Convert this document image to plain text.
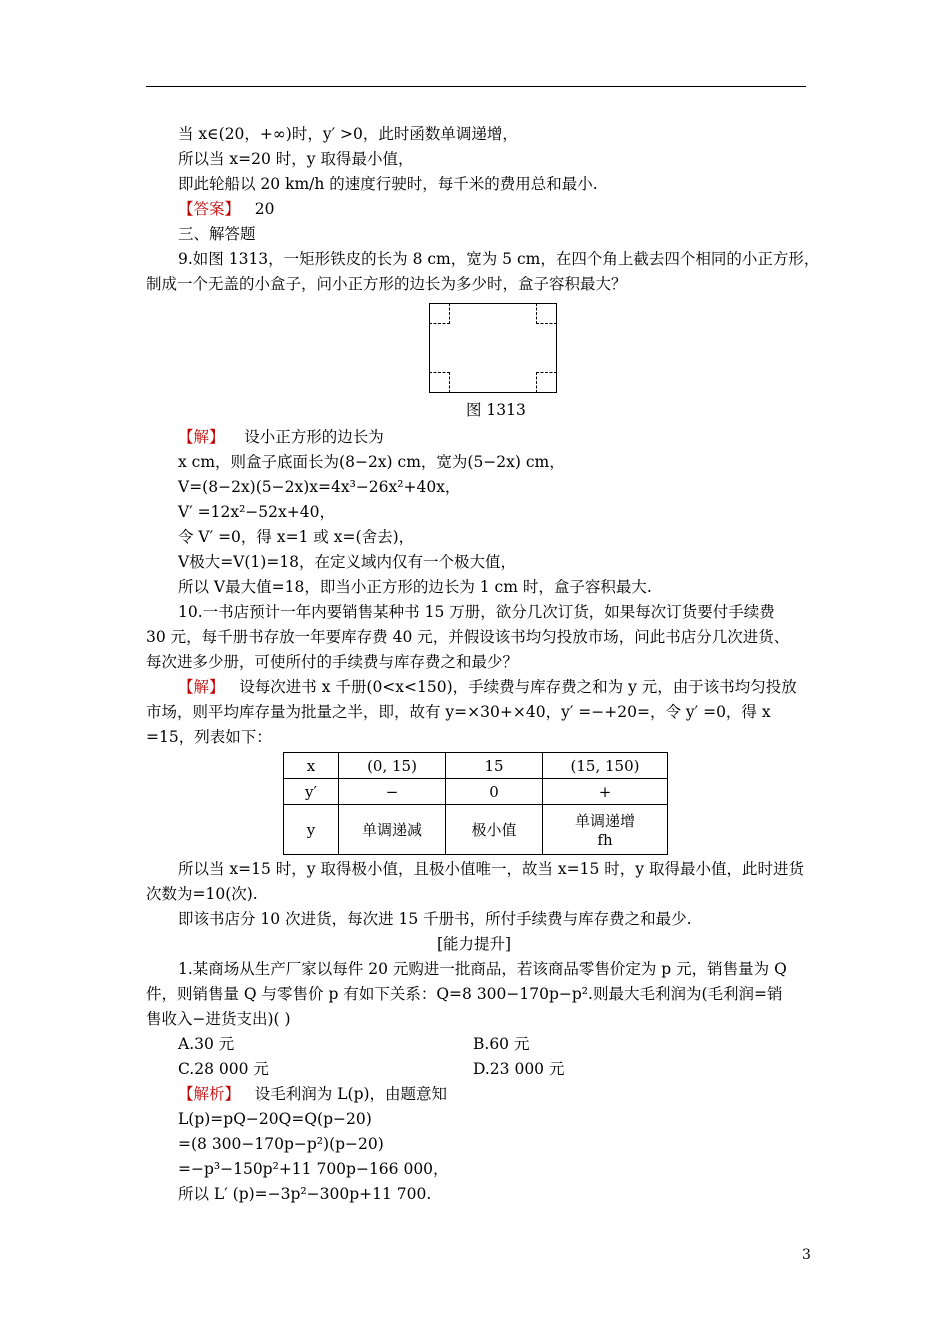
当 x∈(20，+∞)时，y′ >0，此时函数单调递增，
所以当 x=20 时，y 取得最小值，
即此轮船以 20 km/h 的速度行驶时，每千米的费用总和最小.
【答案】 20
三、解答题
9.如图 1313，一矩形铁皮的长为 8 cm，宽为 5 cm，在四个角上截去四个相同的小正方形，
制成一个无盖的小盒子，问小正方形的边长为多少时，盒子容积最大？
图 1313
【解】 设小正方形的边长为
x cm，则盒子底面长为(8−2x) cm，宽为(5−2x) cm，
V=(8−2x)(5−2x)x=4x³−26x²+40x，
V′ =12x²−52x+40，
令 V′ =0，得 x=1 或 x=(舍去)，
V极大=V(1)=18，在定义域内仅有一个极大值，
所以 V最大值=18，即当小正方形的边长为 1 cm 时，盒子容积最大.
10.一书店预计一年内要销售某种书 15 万册，欲分几次订货，如果每次订货要付手续费
30 元，每千册书存放一年要库存费 40 元，并假设该书均匀投放市场，问此书店分几次进货、
每次进多少册，可使所付的手续费与库存费之和最少？
【解】 设每次进书 x 千册(0<x<150)，手续费与库存费之和为 y 元，由于该书均匀投放
市场，则平均库存量为批量之半，即，故有 y=×30+×40，y′ =−+20=，令 y′ =0，得 x
=15，列表如下：
x	(0, 15)	15	(15, 150)
y′	−	0	+
y	单调递减	极小值	单调递增
fh
所以当 x=15 时，y 取得极小值，且极小值唯一，故当 x=15 时，y 取得最小值，此时进货
次数为=10(次).
即该书店分 10 次进货，每次进 15 千册书，所付手续费与库存费之和最少.
[能力提升]
1.某商场从生产厂家以每件 20 元购进一批商品，若该商品零售价定为 p 元，销售量为 Q
件，则销售量 Q 与零售价 p 有如下关系：Q=8 300−170p−p².则最大毛利润为(毛利润=销
售收入−进货支出)( )
A.30 元	B.60 元
C.28 000 元	D.23 000 元
【解析】 设毛利润为 L(p)，由题意知
L(p)=pQ−20Q=Q(p−20)
=(8 300−170p−p²)(p−20)
=−p³−150p²+11 700p−166 000，
所以 L′ (p)=−3p²−300p+11 700.
3
